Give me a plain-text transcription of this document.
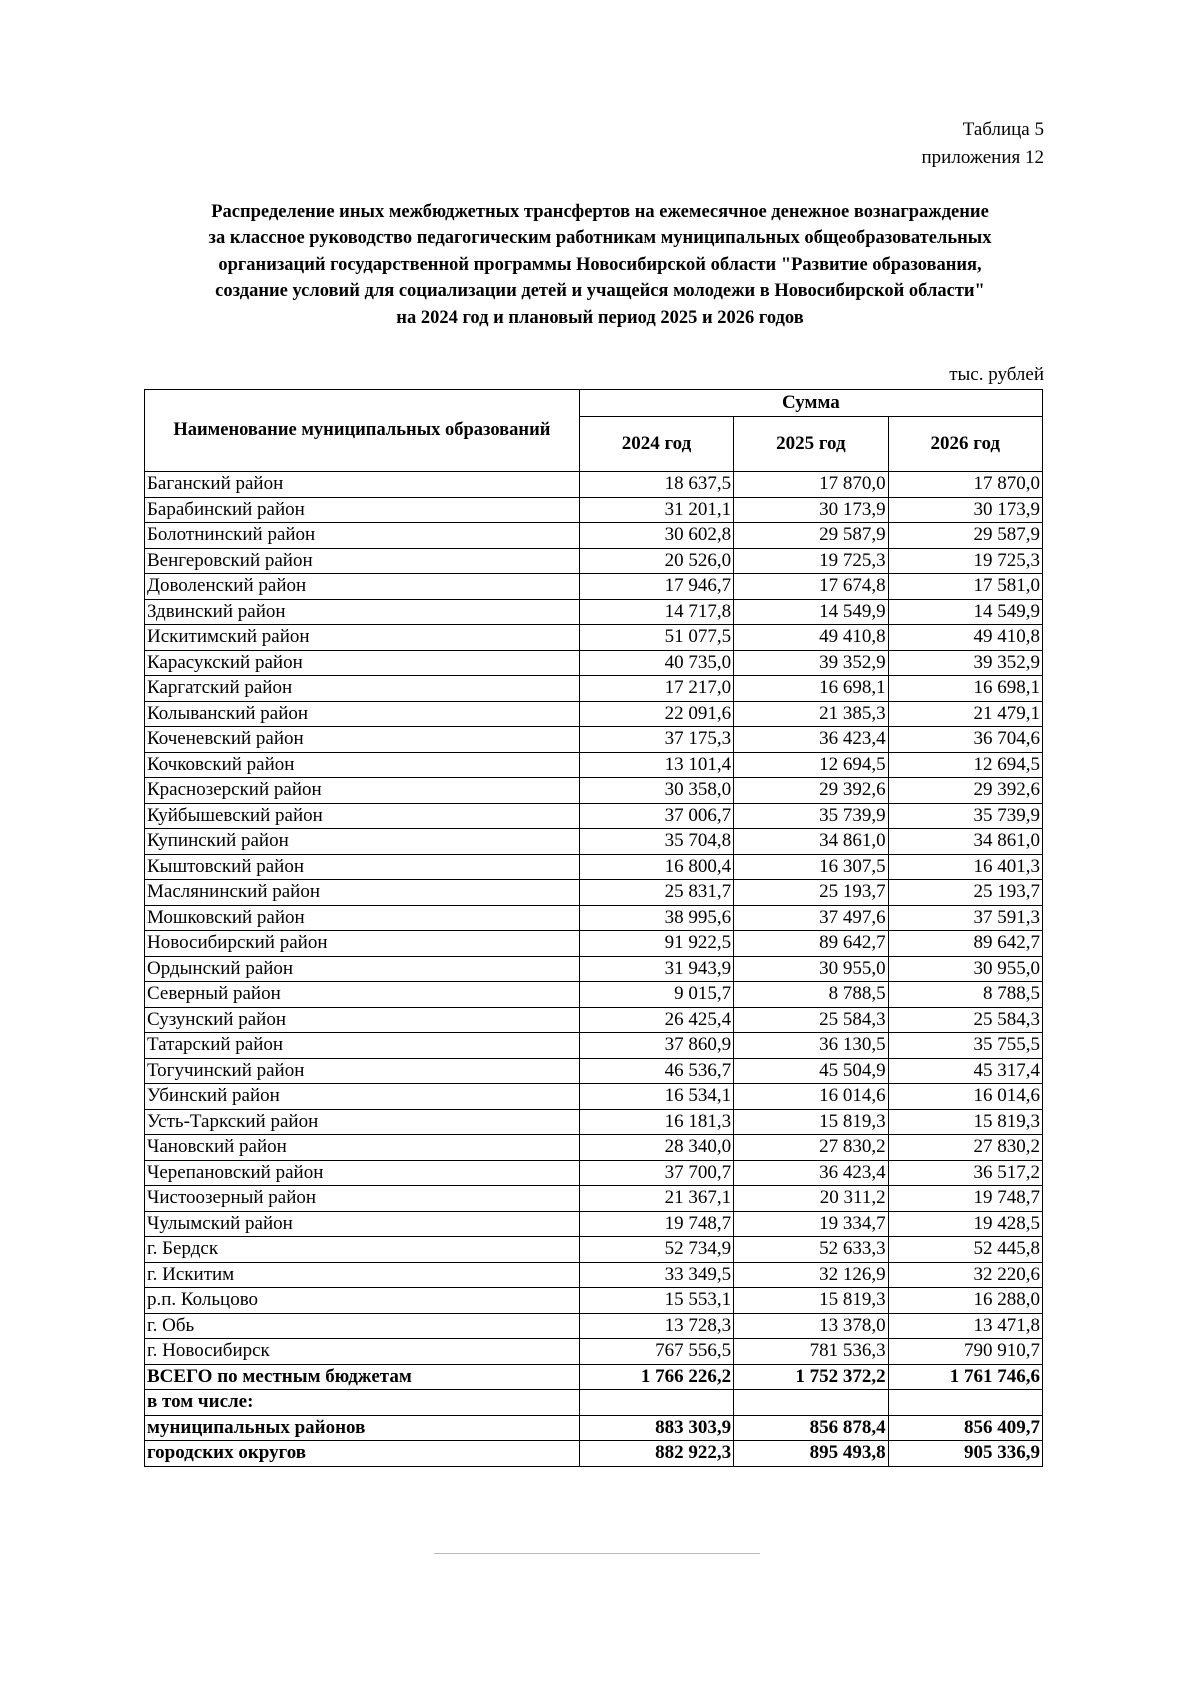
Таблица 5
приложения 12
Распределение иных межбюджетных трансфертов на ежемесячное денежное вознаграждение
за классное руководство педагогическим работникам муниципальных общеобразовательных
организаций государственной программы Новосибирской области "Развитие образования,
создание условий для социализации детей и учащейся молодежи в Новосибирской области"
на 2024 год и плановый период 2025 и 2026 годов
тыс. рублей
Наименование муниципальных образований	Сумма		
	2024 год	2025 год	2026 год
Баганский район	18 637,5	17 870,0	17 870,0
Барабинский район	31 201,1	30 173,9	30 173,9
Болотнинский район	30 602,8	29 587,9	29 587,9
Венгеровский район	20 526,0	19 725,3	19 725,3
Доволенский район	17 946,7	17 674,8	17 581,0
Здвинский район	14 717,8	14 549,9	14 549,9
Искитимский район	51 077,5	49 410,8	49 410,8
Карасукский район	40 735,0	39 352,9	39 352,9
Каргатский район	17 217,0	16 698,1	16 698,1
Колыванский район	22 091,6	21 385,3	21 479,1
Коченевский район	37 175,3	36 423,4	36 704,6
Кочковский район	13 101,4	12 694,5	12 694,5
Краснозерский район	30 358,0	29 392,6	29 392,6
Куйбышевский район	37 006,7	35 739,9	35 739,9
Купинский район	35 704,8	34 861,0	34 861,0
Кыштовский район	16 800,4	16 307,5	16 401,3
Маслянинский район	25 831,7	25 193,7	25 193,7
Мошковский район	38 995,6	37 497,6	37 591,3
Новосибирский район	91 922,5	89 642,7	89 642,7
Ордынский район	31 943,9	30 955,0	30 955,0
Северный район	9 015,7	8 788,5	8 788,5
Сузунский район	26 425,4	25 584,3	25 584,3
Татарский район	37 860,9	36 130,5	35 755,5
Тогучинский район	46 536,7	45 504,9	45 317,4
Убинский район	16 534,1	16 014,6	16 014,6
Усть-Таркский район	16 181,3	15 819,3	15 819,3
Чановский район	28 340,0	27 830,2	27 830,2
Черепановский район	37 700,7	36 423,4	36 517,2
Чистоозерный район	21 367,1	20 311,2	19 748,7
Чулымский район	19 748,7	19 334,7	19 428,5
г. Бердск	52 734,9	52 633,3	52 445,8
г. Искитим	33 349,5	32 126,9	32 220,6
р.п. Кольцово	15 553,1	15 819,3	16 288,0
г. Обь	13 728,3	13 378,0	13 471,8
г. Новосибирск	767 556,5	781 536,3	790 910,7
ВСЕГО по местным бюджетам	1 766 226,2	1 752 372,2	1 761 746,6
в том числе:			
муниципальных районов	883 303,9	856 878,4	856 409,7
городских округов	882 922,3	895 493,8	905 336,9
